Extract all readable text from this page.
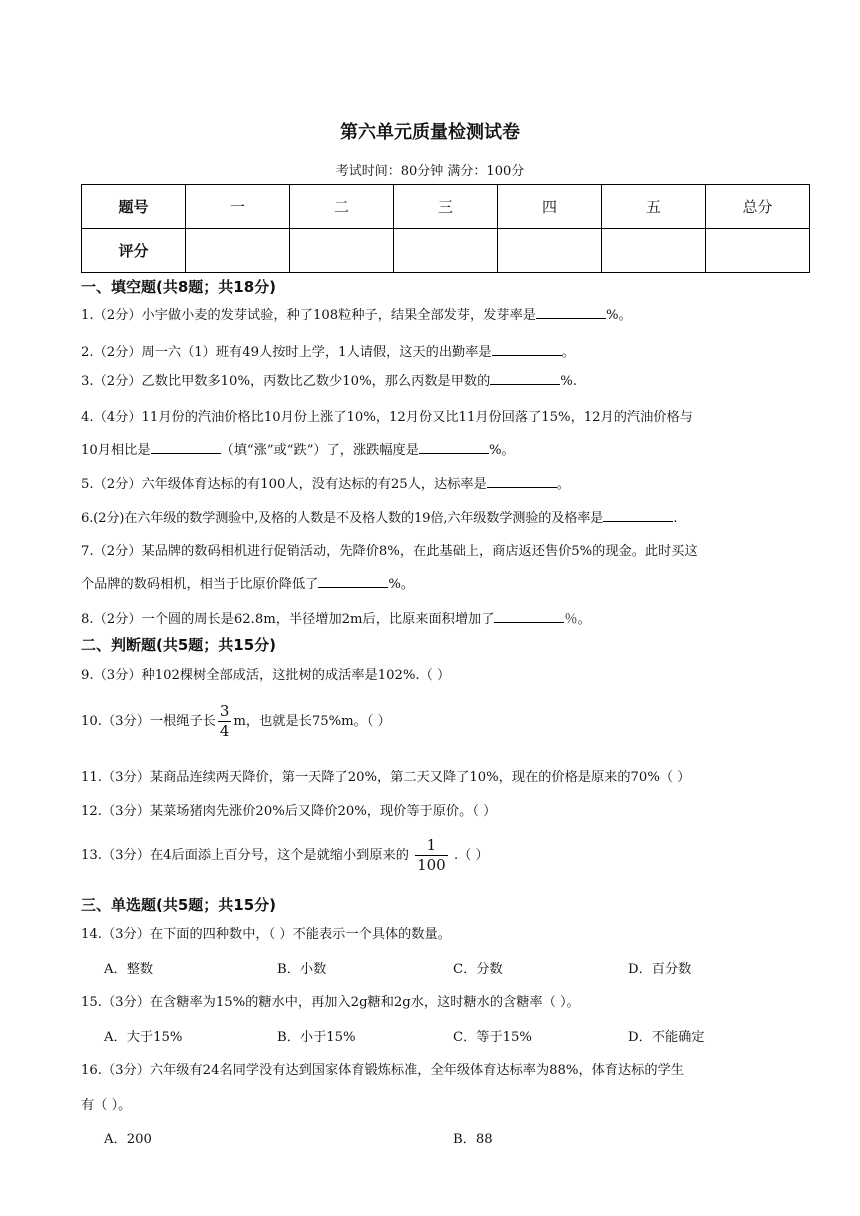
第六单元质量检测试卷
考试时间：80分钟 满分：100分
题号	一	二	三	四	五	总分
评分						
一、填空题(共8题；共18分)
1.（2分）小宇做小麦的发芽试验，种了108粒种子，结果全部发芽，发芽率是	%。
2.（2分）周一六（1）班有49人按时上学，1人请假，这天的出勤率是	。
3.（2分）乙数比甲数多10%，丙数比乙数少10%，那么丙数是甲数的	%.
4.（4分）11月份的汽油价格比10月份上涨了10%，12月份又比11月份回落了15%，12月的汽油价格与
10月相比是	（填“涨”或“跌”）了，涨跌幅度是	%。
5.（2分）六年级体育达标的有100人，没有达标的有25人，达标率是	。
6.(2分)在六年级的数学测验中,及格的人数是不及格人数的19倍,六年级数学测验的及格率是	.
7.（2分）某品牌的数码相机进行促销活动，先降价8%，在此基础上，商店返还售价5%的现金。此时买这
个品牌的数码相机，相当于比原价降低了	%。
8.（2分）一个圆的周长是62.8m，半径增加2m后，比原来面积增加了	％。
二、判断题(共5题；共15分)
9.（3分）种102棵树全部成活，这批树的成活率是102%.（ ）
10.（3分）一根绳子长 $\frac{3}{4}$ m，也就是长75%m。（ ）
11.（3分）某商品连续两天降价，第一天降了20%，第二天又降了10%，现在的价格是原来的70%（ ）
12.（3分）某菜场猪肉先涨价20%后又降价20%，现价等于原价。（ ）
13.（3分）在4后面添上百分号，这个是就缩小到原来的 $\frac{1}{100}$ .（ ）
三、单选题(共5题；共15分)
14.（3分）在下面的四种数中，（ ）不能表示一个具体的数量。
A．整数	B．小数	C．分数	D．百分数
15.（3分）在含糖率为15%的糖水中，再加入2g糖和2g水，这时糖水的含糖率（ ）。
A．大于15%	B．小于15%	C．等于15%	D．不能确定
16.（3分）六年级有24名同学没有达到国家体育锻炼标准，全年级体育达标率为88%，体育达标的学生
有（ ）。
A．200	B．88
